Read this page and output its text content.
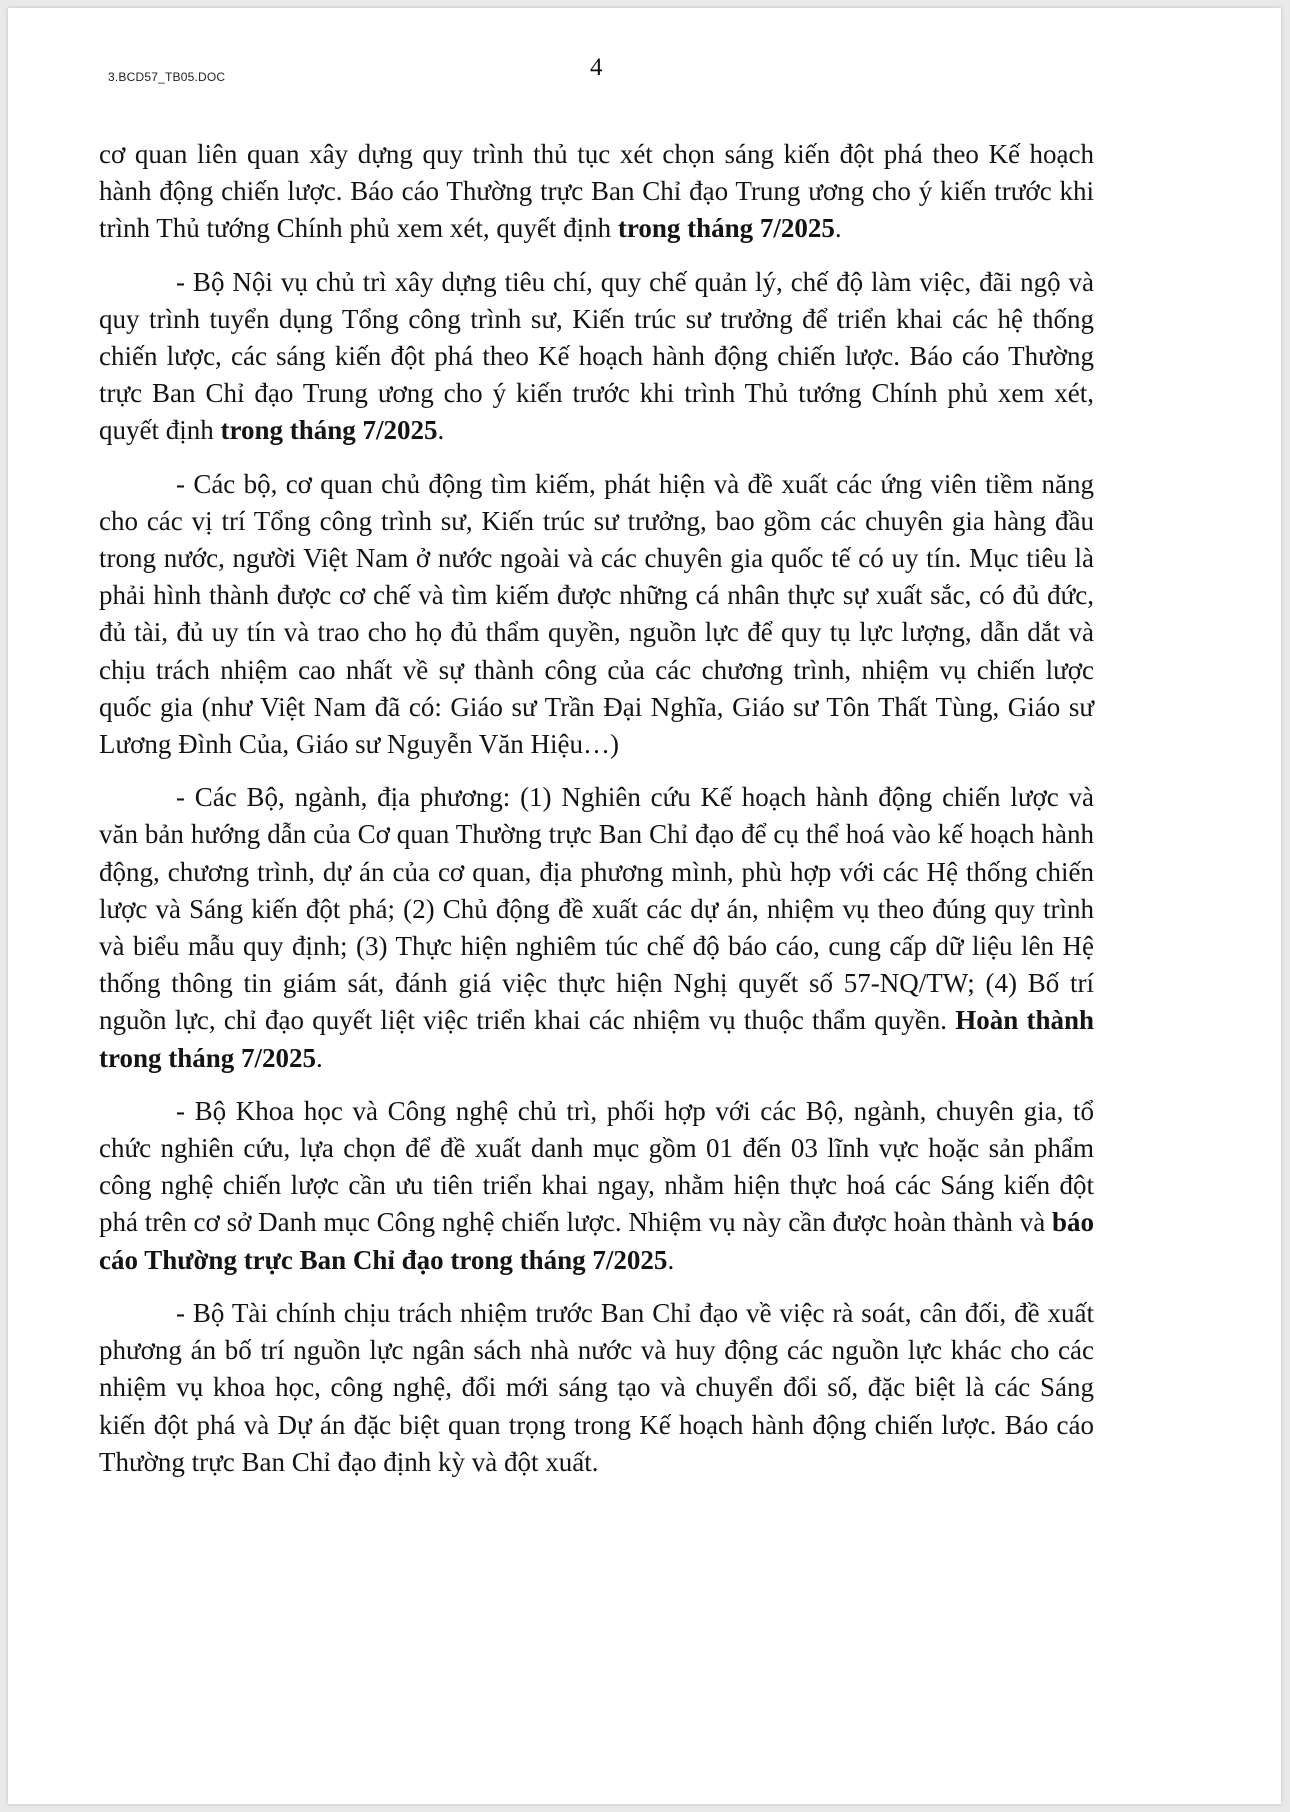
3.BCD57_TB05.DOC	4

cơ quan liên quan xây dựng quy trình thủ tục xét chọn sáng kiến đột phá theo Kế hoạch hành động chiến lược. Báo cáo Thường trực Ban Chỉ đạo Trung ương cho ý kiến trước khi trình Thủ tướng Chính phủ xem xét, quyết định trong tháng 7/2025.

- Bộ Nội vụ chủ trì xây dựng tiêu chí, quy chế quản lý, chế độ làm việc, đãi ngộ và quy trình tuyển dụng Tổng công trình sư, Kiến trúc sư trưởng để triển khai các hệ thống chiến lược, các sáng kiến đột phá theo Kế hoạch hành động chiến lược. Báo cáo Thường trực Ban Chỉ đạo Trung ương cho ý kiến trước khi trình Thủ tướng Chính phủ xem xét, quyết định trong tháng 7/2025.

- Các bộ, cơ quan chủ động tìm kiếm, phát hiện và đề xuất các ứng viên tiềm năng cho các vị trí Tổng công trình sư, Kiến trúc sư trưởng, bao gồm các chuyên gia hàng đầu trong nước, người Việt Nam ở nước ngoài và các chuyên gia quốc tế có uy tín. Mục tiêu là phải hình thành được cơ chế và tìm kiếm được những cá nhân thực sự xuất sắc, có đủ đức, đủ tài, đủ uy tín và trao cho họ đủ thẩm quyền, nguồn lực để quy tụ lực lượng, dẫn dắt và chịu trách nhiệm cao nhất về sự thành công của các chương trình, nhiệm vụ chiến lược quốc gia (như Việt Nam đã có: Giáo sư Trần Đại Nghĩa, Giáo sư Tôn Thất Tùng, Giáo sư Lương Đình Của, Giáo sư Nguyễn Văn Hiệu…)

- Các Bộ, ngành, địa phương: (1) Nghiên cứu Kế hoạch hành động chiến lược và văn bản hướng dẫn của Cơ quan Thường trực Ban Chỉ đạo để cụ thể hoá vào kế hoạch hành động, chương trình, dự án của cơ quan, địa phương mình, phù hợp với các Hệ thống chiến lược và Sáng kiến đột phá; (2) Chủ động đề xuất các dự án, nhiệm vụ theo đúng quy trình và biểu mẫu quy định; (3) Thực hiện nghiêm túc chế độ báo cáo, cung cấp dữ liệu lên Hệ thống thông tin giám sát, đánh giá việc thực hiện Nghị quyết số 57-NQ/TW; (4) Bố trí nguồn lực, chỉ đạo quyết liệt việc triển khai các nhiệm vụ thuộc thẩm quyền. Hoàn thành trong tháng 7/2025.

- Bộ Khoa học và Công nghệ chủ trì, phối hợp với các Bộ, ngành, chuyên gia, tổ chức nghiên cứu, lựa chọn để đề xuất danh mục gồm 01 đến 03 lĩnh vực hoặc sản phẩm công nghệ chiến lược cần ưu tiên triển khai ngay, nhằm hiện thực hoá các Sáng kiến đột phá trên cơ sở Danh mục Công nghệ chiến lược. Nhiệm vụ này cần được hoàn thành và báo cáo Thường trực Ban Chỉ đạo trong tháng 7/2025.

- Bộ Tài chính chịu trách nhiệm trước Ban Chỉ đạo về việc rà soát, cân đối, đề xuất phương án bố trí nguồn lực ngân sách nhà nước và huy động các nguồn lực khác cho các nhiệm vụ khoa học, công nghệ, đổi mới sáng tạo và chuyển đổi số, đặc biệt là các Sáng kiến đột phá và Dự án đặc biệt quan trọng trong Kế hoạch hành động chiến lược. Báo cáo Thường trực Ban Chỉ đạo định kỳ và đột xuất.
